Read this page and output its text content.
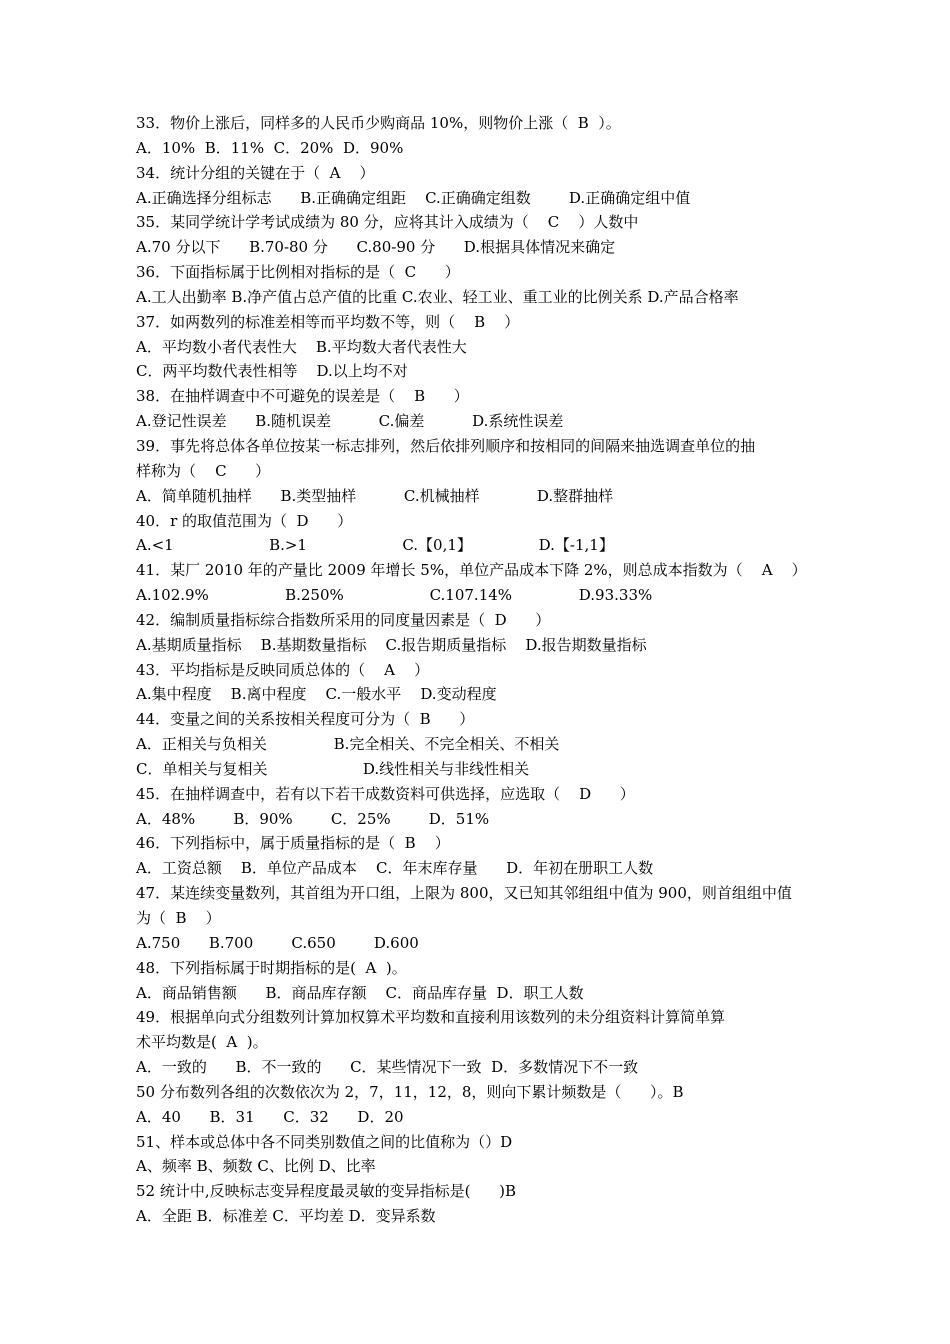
33．物价上涨后，同样多的人民币少购商品 10%，则物价上涨（  B  ）。
A．10%  B．11%  C．20%  D．90%
34．统计分组的关键在于（  A    ）
A.正确选择分组标志      B.正确确定组距    C.正确确定组数        D.正确确定组中值
35．某同学统计学考试成绩为 80 分，应将其计入成绩为（    C    ）人数中
A.70 分以下      B.70-80 分      C.80-90 分      D.根据具体情况来确定
36．下面指标属于比例相对指标的是（  C      ）
A.工人出勤率 B.净产值占总产值的比重 C.农业、轻工业、重工业的比例关系 D.产品合格率
37．如两数列的标准差相等而平均数不等，则（    B    ）
A．平均数小者代表性大    B.平均数大者代表性大
C．两平均数代表性相等    D.以上均不对
38．在抽样调查中不可避免的误差是（    B      ）
A.登记性误差      B.随机误差          C.偏差          D.系统性误差
39．事先将总体各单位按某一标志排列，然后依排列顺序和按相同的间隔来抽选调查单位的抽
样称为（    C      ）
A．简单随机抽样      B.类型抽样          C.机械抽样            D.整群抽样
40．r 的取值范围为（  D      ）
A.<1                    B.>1                    C.【0,1】              D.【-1,1】
41．某厂 2010 年的产量比 2009 年增长 5%，单位产品成本下降 2%，则总成本指数为（    A    ）
A.102.9%                B.250%                  C.107.14%              D.93.33%
42．编制质量指标综合指数所采用的同度量因素是（  D      ）
A.基期质量指标    B.基期数量指标    C.报告期质量指标    D.报告期数量指标
43．平均指标是反映同质总体的（    A    ）
A.集中程度    B.离中程度    C.一般水平    D.变动程度
44．变量之间的关系按相关程度可分为（  B      ）
A．正相关与负相关              B.完全相关、不完全相关、不相关
C．单相关与复相关                    D.线性相关与非线性相关
45．在抽样调查中，若有以下若干成数资料可供选择，应选取（    D      ）
A．48%        B．90%        C．25%        D．51%
46．下列指标中，属于质量指标的是（  B    ）
A．工资总额    B．单位产品成本    C．年末库存量      D．年初在册职工人数
47．某连续变量数列，其首组为开口组，上限为 800，又已知其邻组组中值为 900，则首组组中值
为（  B    ）
A.750      B.700        C.650        D.600
48．下列指标属于时期指标的是(  A  )。
A．商品销售额      B．商品库存额    C．商品库存量  D．职工人数
49．根据单向式分组数列计算加权算术平均数和直接利用该数列的未分组资料计算简单算
术平均数是(  A  )。
A．一致的      B．不一致的      C．某些情况下一致  D．多数情况下不一致
50 分布数列各组的次数依次为 2，7，11，12，8，则向下累计频数是（      ）。B
A．40      B．31      C．32      D．20
51、样本或总体中各不同类别数值之间的比值称为（）D
A、频率 B、频数 C、比例 D、比率
52 统计中,反映标志变异程度最灵敏的变异指标是(      )B
A．全距 B．标准差 C．平均差 D．变异系数
